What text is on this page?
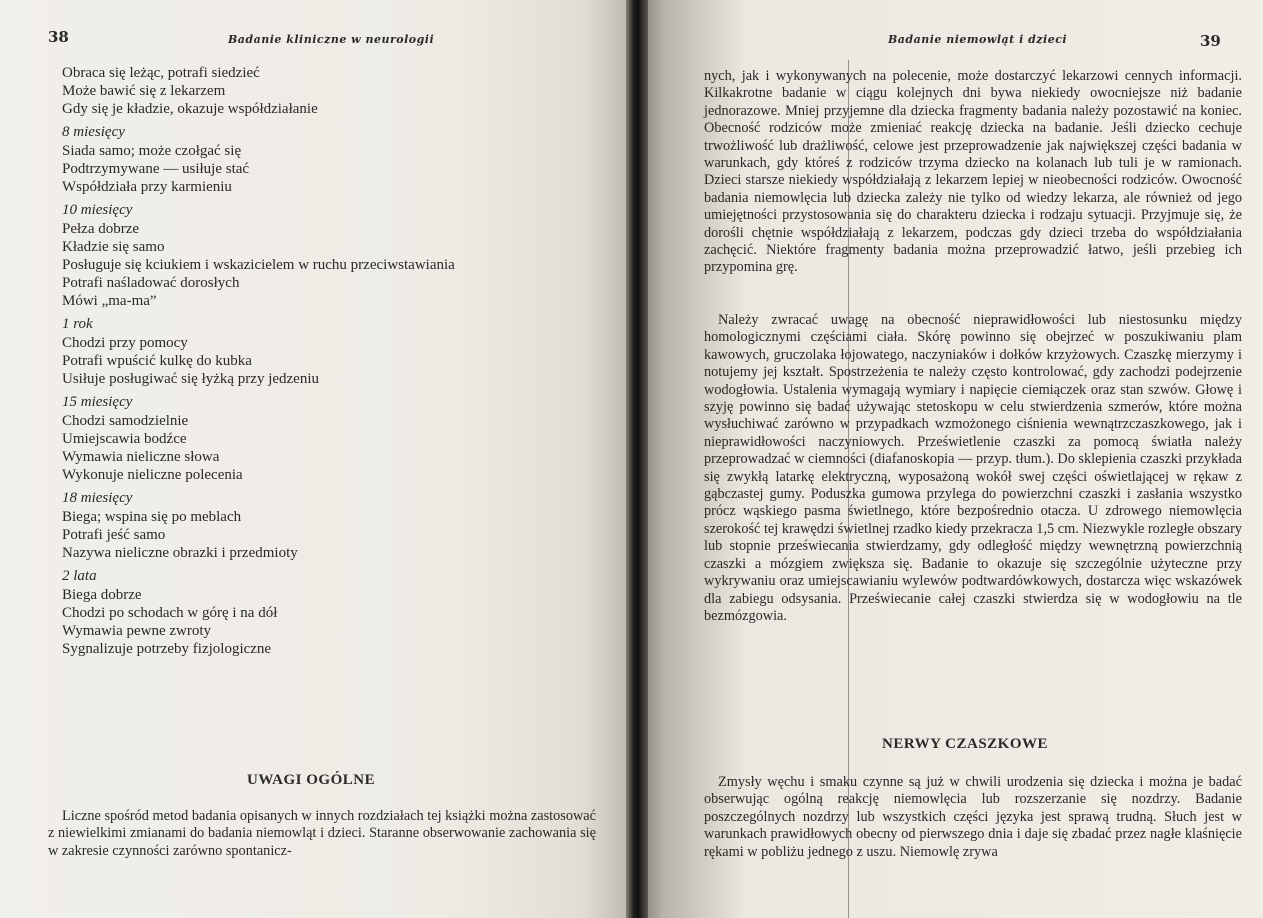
38	Badanie kliniczne w neurologii
Obraca się leżąc, potrafi siedzieć
Może bawić się z lekarzem
Gdy się je kładzie, okazuje współdziałanie
8 miesięcy
Siada samo; może czołgać się
Podtrzymywane — usiłuje stać
Współdziała przy karmieniu
10 miesięcy
Pełza dobrze
Kładzie się samo
Posługuje się kciukiem i wskazicielem w ruchu przeciwstawiania
Potrafi naśladować dorosłych
Mówi „ma-ma”
1 rok
Chodzi przy pomocy
Potrafi wpuścić kulkę do kubka
Usiłuje posługiwać się łyżką przy jedzeniu
15 miesięcy
Chodzi samodzielnie
Umiejscawia bodźce
Wymawia nieliczne słowa
Wykonuje nieliczne polecenia
18 miesięcy
Biega; wspina się po meblach
Potrafi jeść samo
Nazywa nieliczne obrazki i przedmioty
2 lata
Biega dobrze
Chodzi po schodach w górę i na dół
Wymawia pewne zwroty
Sygnalizuje potrzeby fizjologiczne
UWAGI OGÓLNE

Liczne spośród metod badania opisanych w innych rozdziałach tej książki można zastosować z niewielkimi zmianami do badania niemowląt i dzieci. Staranne obserwowanie zachowania się w zakresie czynności zarówno spontanicz-

Badanie niemowląt i dzieci	39

nych, jak i wykonywanych na polecenie, może dostarczyć lekarzowi cennych informacji. Kilkakrotne badanie w ciągu kolejnych dni bywa niekiedy owocniejsze niż badanie jednorazowe. Mniej przyjemne dla dziecka fragmenty badania należy pozostawić na koniec. Obecność rodziców może zmieniać reakcję dziecka na badanie. Jeśli dziecko cechuje trwożliwość lub drażliwość, celowe jest przeprowadzenie jak największej części badania w warunkach, gdy któreś z rodziców trzyma dziecko na kolanach lub tuli je w ramionach. Dzieci starsze niekiedy współdziałają z lekarzem lepiej w nieobecności rodziców. Owocność badania niemowlęcia lub dziecka zależy nie tylko od wiedzy lekarza, ale również od jego umiejętności przystosowania się do charakteru dziecka i rodzaju sytuacji. Przyjmuje się, że dorośli chętnie współdziałają z lekarzem, podczas gdy dzieci trzeba do współdziałania zachęcić. Niektóre fragmenty badania można przeprowadzić łatwo, jeśli przebieg ich przypomina grę.

Należy zwracać uwagę na obecność nieprawidłowości lub niestosunku między homologicznymi częściami ciała. Skórę powinno się obejrzeć w poszukiwaniu plam kawowych, gruczolaka łojowatego, naczyniaków i dołków krzyżowych. Czaszkę mierzymy i notujemy jej kształt. Spostrzeżenia te należy często kontrolować, gdy zachodzi podejrzenie wodogłowia. Ustalenia wymagają wymiary i napięcie ciemiączek oraz stan szwów. Głowę i szyję powinno się badać używając stetoskopu w celu stwierdzenia szmerów, które można wysłuchiwać zarówno w przypadkach wzmożonego ciśnienia wewnątrzczaszkowego, jak i nieprawidłowości naczyniowych. Prześwietlenie czaszki za pomocą światła należy przeprowadzać w ciemności (diafanoskopia — przyp. tłum.). Do sklepienia czaszki przykłada się zwykłą latarkę elektryczną, wyposażoną wokół swej części oświetlającej w rękaw z gąbczastej gumy. Poduszka gumowa przylega do powierzchni czaszki i zasłania wszystko prócz wąskiego pasma świetlnego, które bezpośrednio otacza. U zdrowego niemowlęcia szerokość tej krawędzi świetlnej rzadko kiedy przekracza 1,5 cm. Niezwykle rozległe obszary lub stopnie przeświecania stwierdzamy, gdy odległość między wewnętrzną powierzchnią czaszki a mózgiem zwiększa się. Badanie to okazuje się szczególnie użyteczne przy wykrywaniu oraz umiejscawianiu wylewów podtwardówkowych, dostarcza więc wskazówek dla zabiegu odsysania. Przeświecanie całej czaszki stwierdza się w wodogłowiu na tle bezmózgowia.

NERWY CZASZKOWE

Zmysły węchu i smaku czynne są już w chwili urodzenia się dziecka i można je badać obserwując ogólną reakcję niemowlęcia lub rozszerzanie się nozdrzy. Badanie poszczególnych nozdrzy lub wszystkich części języka jest sprawą trudną. Słuch jest w warunkach prawidłowych obecny od pierwszego dnia i daje się zbadać przez nagłe klaśnięcie rękami w pobliżu jednego z uszu. Niemowlę zrywa
